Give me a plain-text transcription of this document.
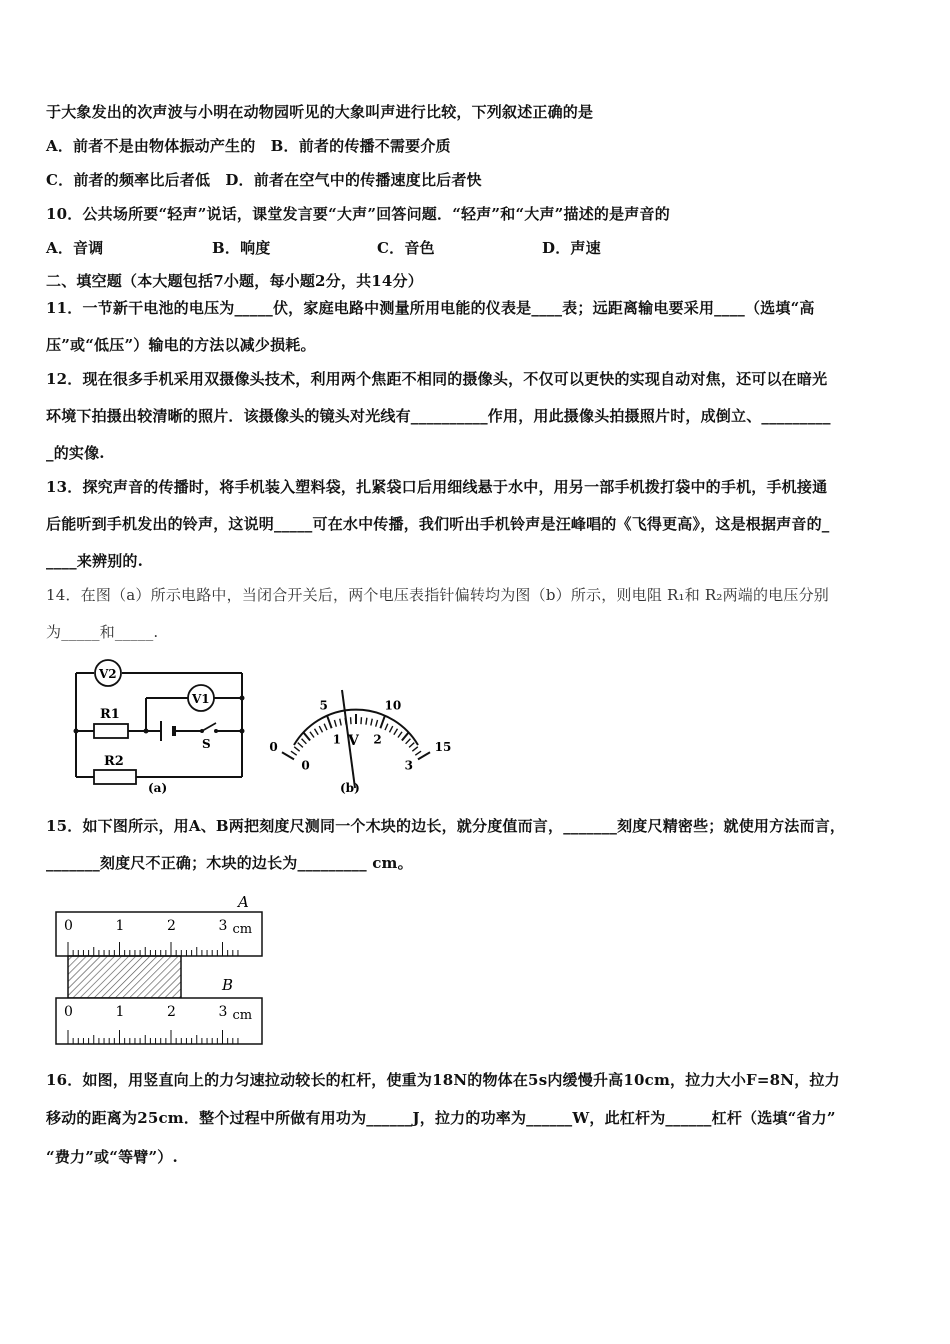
于大象发出的次声波与小明在动物园听见的大象叫声进行比较，下列叙述正确的是
A．前者不是由物体振动产生的　B．前者的传播不需要介质
C．前者的频率比后者低　D．前者在空气中的传播速度比后者快
10．公共场所要“轻声”说话，课堂发言要“大声”回答问题．“轻声”和“大声”描述的是声音的
A．音调	B．响度	C．音色	D．声速
二、填空题（本大题包括7小题，每小题2分，共14分）
11．一节新干电池的电压为_____伏，家庭电路中测量所用电能的仪表是____表；远距离输电要采用____（选填“高
压”或“低压”）输电的方法以减少损耗。
12．现在很多手机采用双摄像头技术，利用两个焦距不相同的摄像头，不仅可以更快的实现自动对焦，还可以在暗光
环境下拍摄出较清晰的照片．该摄像头的镜头对光线有__________作用，用此摄像头拍摄照片时，成倒立、_________
_的实像.
13．探究声音的传播时，将手机装入塑料袋，扎紧袋口后用细线悬于水中，用另一部手机拨打袋中的手机，手机接通
后能听到手机发出的铃声，这说明_____可在水中传播，我们听出手机铃声是汪峰唱的《飞得更高》，这是根据声音的_
____来辨别的.
14．在图（a）所示电路中，当闭合开关后，两个电压表指针偏转均为图（b）所示，则电阻 R₁和 R₂两端的电压分别
为_____和_____.
V2
V1
R1
R2
S
(a)
0
5	10
15
0
1	2
3
V
(b)
15．如下图所示，用A、B两把刻度尺测同一个木块的边长，就分度值而言，_______刻度尺精密些；就使用方法而言，
_______刻度尺不正确；木块的边长为_________ cm。
A
0	1	2	3 cm
B
0	1	2	3 cm
16．如图，用竖直向上的力匀速拉动较长的杠杆，使重为18N的物体在5s内缓慢升高10cm，拉力大小F=8N，拉力
移动的距离为25cm．整个过程中所做有用功为______J，拉力的功率为______W，此杠杆为______杠杆（选填“省力”
“费力”或“等臂”）.
